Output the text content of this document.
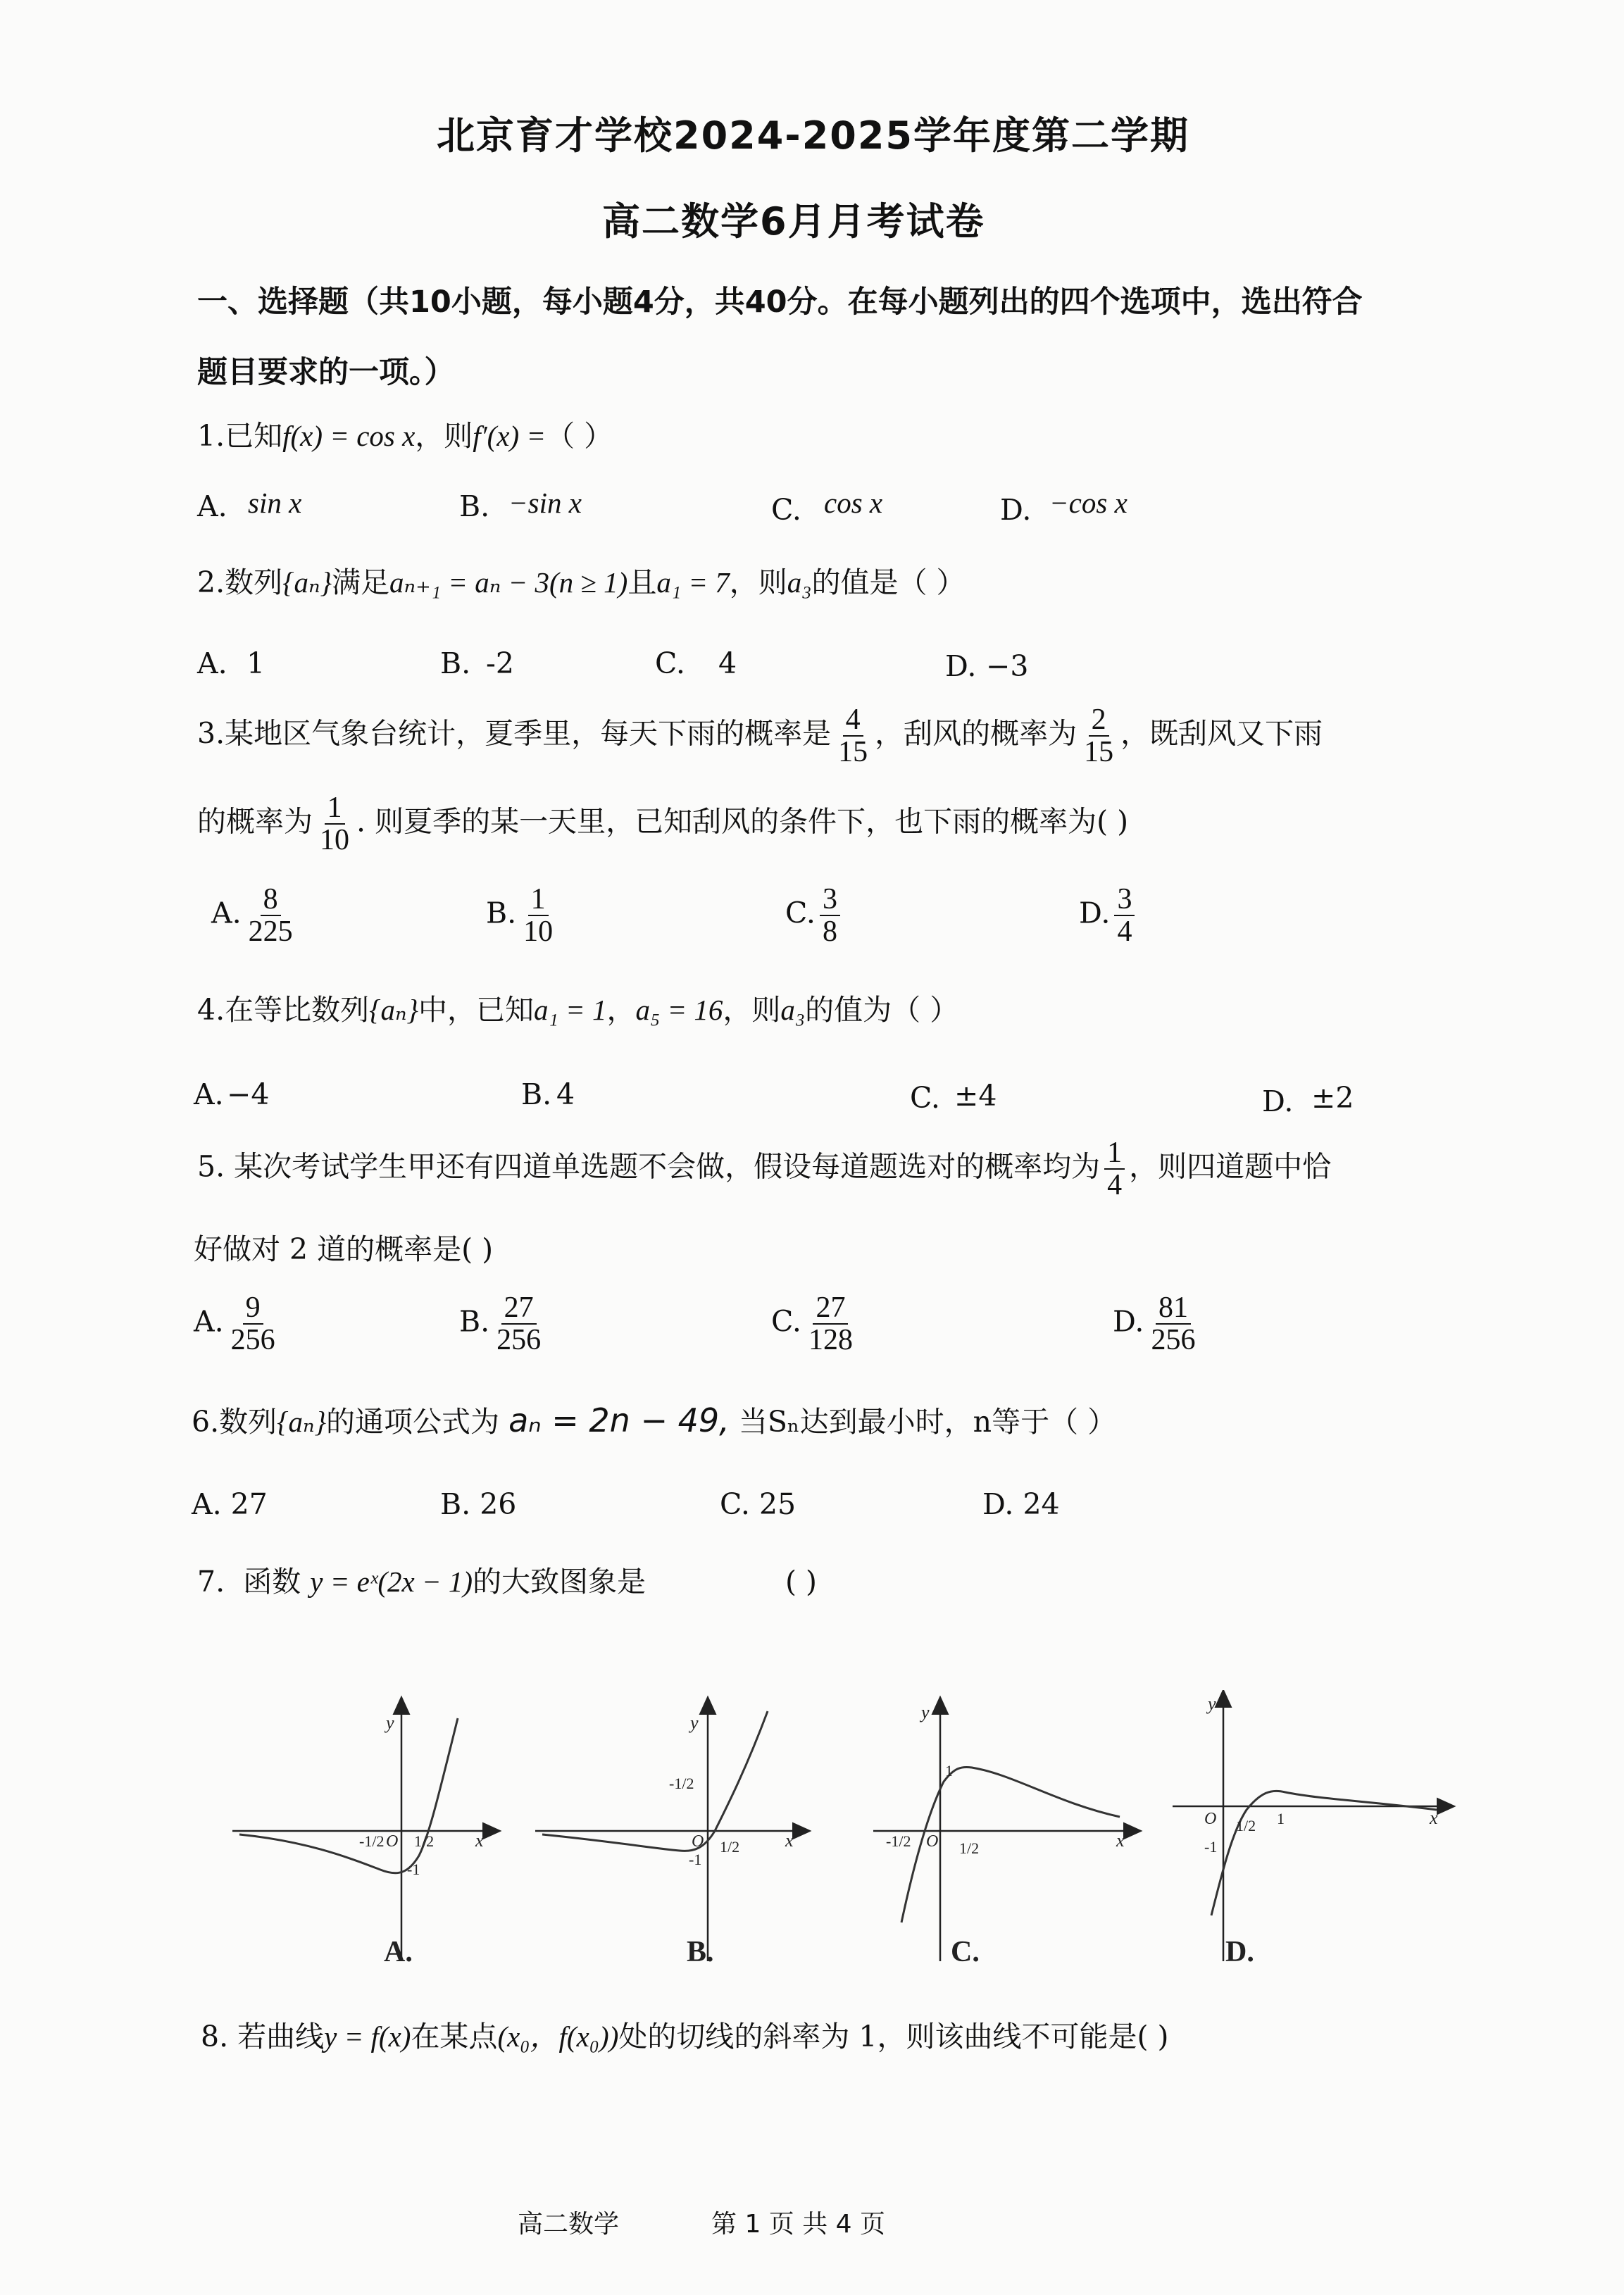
北京育才学校2024-2025学年度第二学期
高二数学6月月考试卷
一、选择题（共10小题，每小题4分，共40分。在每小题列出的四个选项中，选出符合
题目要求的一项。）
1.已知f(x) = cos x，则f′(x) =（ ）
A. sin x	B. −sin x	C. cos x	D. −cos x
2.数列{aₙ}满足aₙ₊₁ = aₙ − 3(n ≥ 1)且a₁ = 7，则a₃的值是（ ）
A. 1	B. -2	C. 4	D. −3
3.某地区气象台统计，夏季里，每天下雨的概率是 $\frac{4}{15}$ ，刮风的概率为 $\frac{2}{15}$ ，既刮风又下雨
的概率为 $\frac{1}{10}$ . 则夏季的某一天里，已知刮风的条件下，也下雨的概率为( )
A. $\frac{8}{225}$	B. $\frac{1}{10}$	C. $\frac{3}{8}$	D. $\frac{3}{4}$
4.在等比数列{aₙ}中，已知a₁ = 1，a₅ = 16，则a₃的值为（ ）
A. −4	B. 4	C. ±4	D. ±2
5. 某次考试学生甲还有四道单选题不会做，假设每道题选对的概率均为 $\frac{1}{4}$ ，则四道题中恰
好做对 2 道的概率是( )
A. $\frac{9}{256}$	B. $\frac{27}{256}$	C. $\frac{27}{128}$	D. $\frac{81}{256}$
6.数列{aₙ}的通项公式为 aₙ = 2n − 49, 当Sₙ达到最小时，n等于（ ）
A. 27	B. 26	C. 25	D. 24
7. 函数 y = eˣ(2x − 1)的大致图象是	( )
y
x
-1/2 O 1/2
-1
A.
y
x
-1/2
O 1/2
-1
B.
y
x
-1/2 O 1/2
1
C.
y
x
O 1/2 1
-1
D.
8. 若曲线y = f(x)在某点(x₀，f(x₀))处的切线的斜率为 1，则该曲线不可能是( )
高二数学	第 1 页 共 4 页
